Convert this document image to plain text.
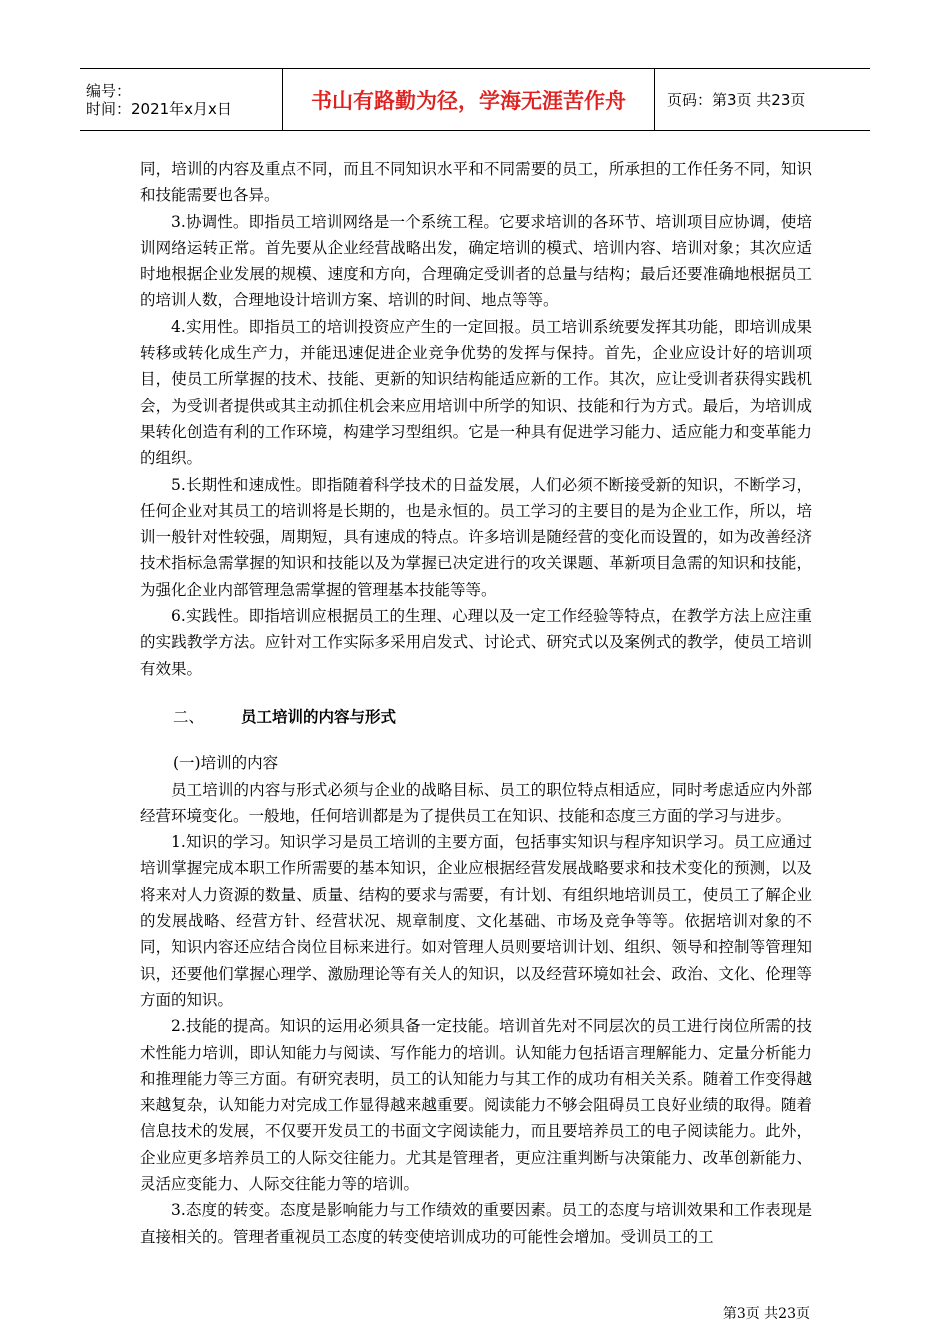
编号：
时间：2021年x月x日	书山有路勤为径，学海无涯苦作舟	页码：第3页 共23页

同，培训的内容及重点不同，而且不同知识水平和不同需要的员工，所承担的工作任务不同，知识和技能需要也各异。

3.协调性。即指员工培训网络是一个系统工程。它要求培训的各环节、培训项目应协调，使培训网络运转正常。首先要从企业经营战略出发，确定培训的模式、培训内容、培训对象；其次应适时地根据企业发展的规模、速度和方向，合理确定受训者的总量与结构；最后还要准确地根据员工的培训人数，合理地设计培训方案、培训的时间、地点等等。

4.实用性。即指员工的培训投资应产生的一定回报。员工培训系统要发挥其功能，即培训成果转移或转化成生产力，并能迅速促进企业竞争优势的发挥与保持。首先，企业应设计好的培训项目，使员工所掌握的技术、技能、更新的知识结构能适应新的工作。其次，应让受训者获得实践机会，为受训者提供或其主动抓住机会来应用培训中所学的知识、技能和行为方式。最后，为培训成果转化创造有利的工作环境，构建学习型组织。它是一种具有促进学习能力、适应能力和变革能力的组织。

5.长期性和速成性。即指随着科学技术的日益发展，人们必须不断接受新的知识，不断学习，任何企业对其员工的培训将是长期的，也是永恒的。员工学习的主要目的是为企业工作，所以，培训一般针对性较强，周期短，具有速成的特点。许多培训是随经营的变化而设置的，如为改善经济技术指标急需掌握的知识和技能以及为掌握已决定进行的攻关课题、革新项目急需的知识和技能，为强化企业内部管理急需掌握的管理基本技能等等。

6.实践性。即指培训应根据员工的生理、心理以及一定工作经验等特点，在教学方法上应注重的实践教学方法。应针对工作实际多采用启发式、讨论式、研究式以及案例式的教学，使员工培训有效果。

二、 员工培训的内容与形式

(一)培训的内容

员工培训的内容与形式必须与企业的战略目标、员工的职位特点相适应，同时考虑适应内外部经营环境变化。一般地，任何培训都是为了提供员工在知识、技能和态度三方面的学习与进步。

1.知识的学习。知识学习是员工培训的主要方面，包括事实知识与程序知识学习。员工应通过培训掌握完成本职工作所需要的基本知识，企业应根据经营发展战略要求和技术变化的预测，以及将来对人力资源的数量、质量、结构的要求与需要，有计划、有组织地培训员工，使员工了解企业的发展战略、经营方针、经营状况、规章制度、文化基础、市场及竞争等等。依据培训对象的不同，知识内容还应结合岗位目标来进行。如对管理人员则要培训计划、组织、领导和控制等管理知识，还要他们掌握心理学、激励理论等有关人的知识，以及经营环境如社会、政治、文化、伦理等方面的知识。

2.技能的提高。知识的运用必须具备一定技能。培训首先对不同层次的员工进行岗位所需的技术性能力培训，即认知能力与阅读、写作能力的培训。认知能力包括语言理解能力、定量分析能力和推理能力等三方面。有研究表明，员工的认知能力与其工作的成功有相关关系。随着工作变得越来越复杂，认知能力对完成工作显得越来越重要。阅读能力不够会阻碍员工良好业绩的取得。随着信息技术的发展，不仅要开发员工的书面文字阅读能力，而且要培养员工的电子阅读能力。此外，企业应更多培养员工的人际交往能力。尤其是管理者，更应注重判断与决策能力、改革创新能力、灵活应变能力、人际交往能力等的培训。

3.态度的转变。态度是影响能力与工作绩效的重要因素。员工的态度与培训效果和工作表现是直接相关的。管理者重视员工态度的转变使培训成功的可能性会增加。受训员工的工

第3页 共23页
